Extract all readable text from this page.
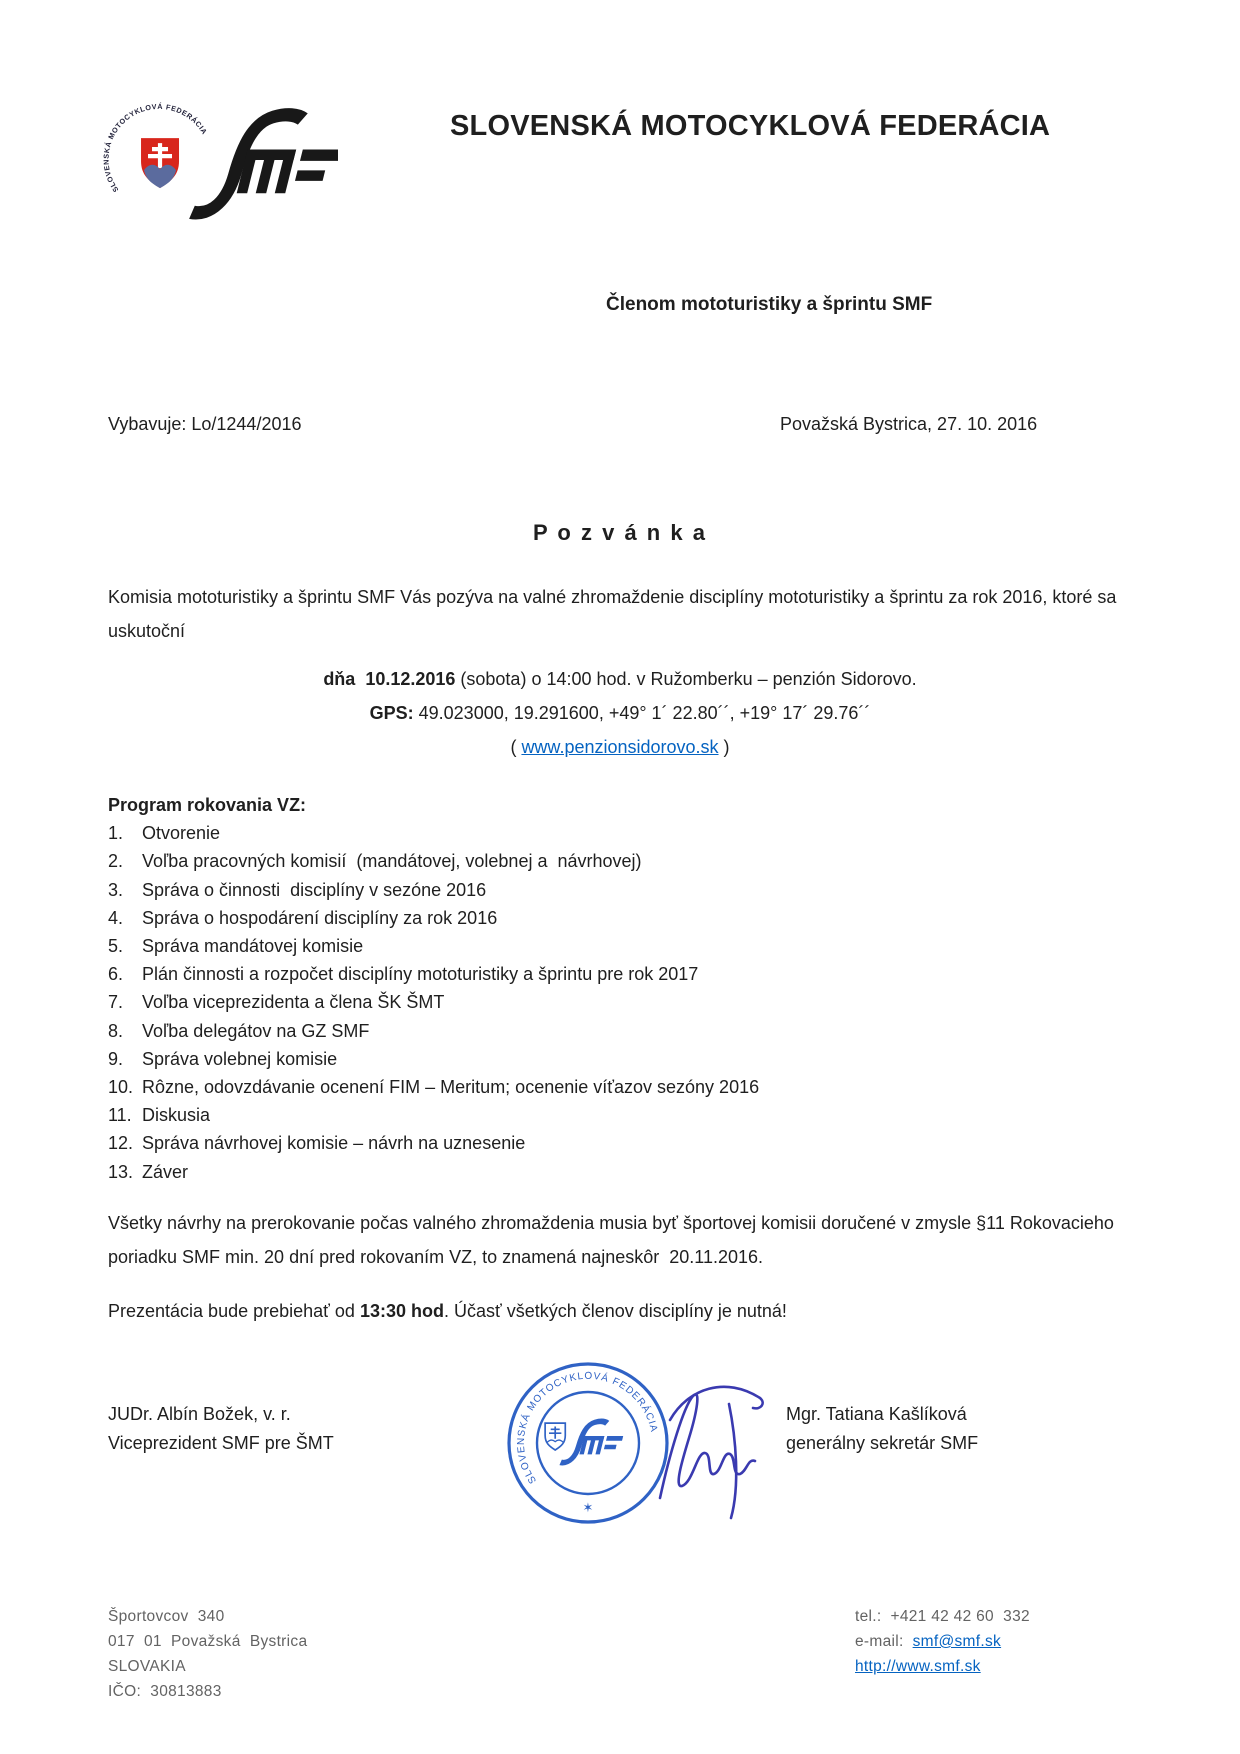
SLOVENSKÁ MOTOCYKLOVÁ FEDERÁCIA	SLOVENSKÁ MOTOCYKLOVÁ FEDERÁCIA
Členom mototuristiky a šprintu SMF
Vybavuje: Lo/1244/2016	Považská Bystrica, 27. 10. 2016
P o z v á n k a
Komisia mototuristiky a šprintu SMF Vás pozýva na valné zhromaždenie disciplíny mototuristiky a šprintu za rok 2016, ktoré sa uskutoční
dňa  10.12.2016 (sobota) o 14:00 hod. v Ružomberku – penzión Sidorovo.
GPS: 49.023000, 19.291600, +49° 1´ 22.80´´, +19° 17´ 29.76´´
( www.penzionsidorovo.sk )
Program rokovania VZ:
1.	Otvorenie
2.	Voľba pracovných komisií  (mandátovej, volebnej a  návrhovej)
3.	Správa o činnosti  disciplíny v sezóne 2016
4.	Správa o hospodárení disciplíny za rok 2016
5.	Správa mandátovej komisie
6.	Plán činnosti a rozpočet disciplíny mototuristiky a šprintu pre rok 2017
7.	Voľba viceprezidenta a člena ŠK ŠMT
8.	Voľba delegátov na GZ SMF
9.	Správa volebnej komisie
10. Rôzne, odovzdávanie ocenení FIM – Meritum; ocenenie víťazov sezóny 2016
11. Diskusia
12. Správa návrhovej komisie – návrh na uznesenie
13. Záver
Všetky návrhy na prerokovanie počas valného zhromaždenia musia byť športovej komisii doručené v zmysle §11 Rokovacieho poriadku SMF min. 20 dní pred rokovaním VZ, to znamená najneskôr  20.11.2016.
Prezentácia bude prebiehať od 13:30 hod. Účasť všetkých členov disciplíny je nutná!
JUDr. Albín Božek, v. r.
Viceprezident SMF pre ŠMT
Mgr. Tatiana Kašlíková
generálny sekretár SMF
SLOVENSKÁ MOTOCYKLOVÁ FEDERÁCIA
✶
Športovcov  340
017  01  Považská  Bystrica
SLOVAKIA
IČO:  30813883
tel.: +421 42 42 60  332
e-mail: smf@smf.sk
http://www.smf.sk
